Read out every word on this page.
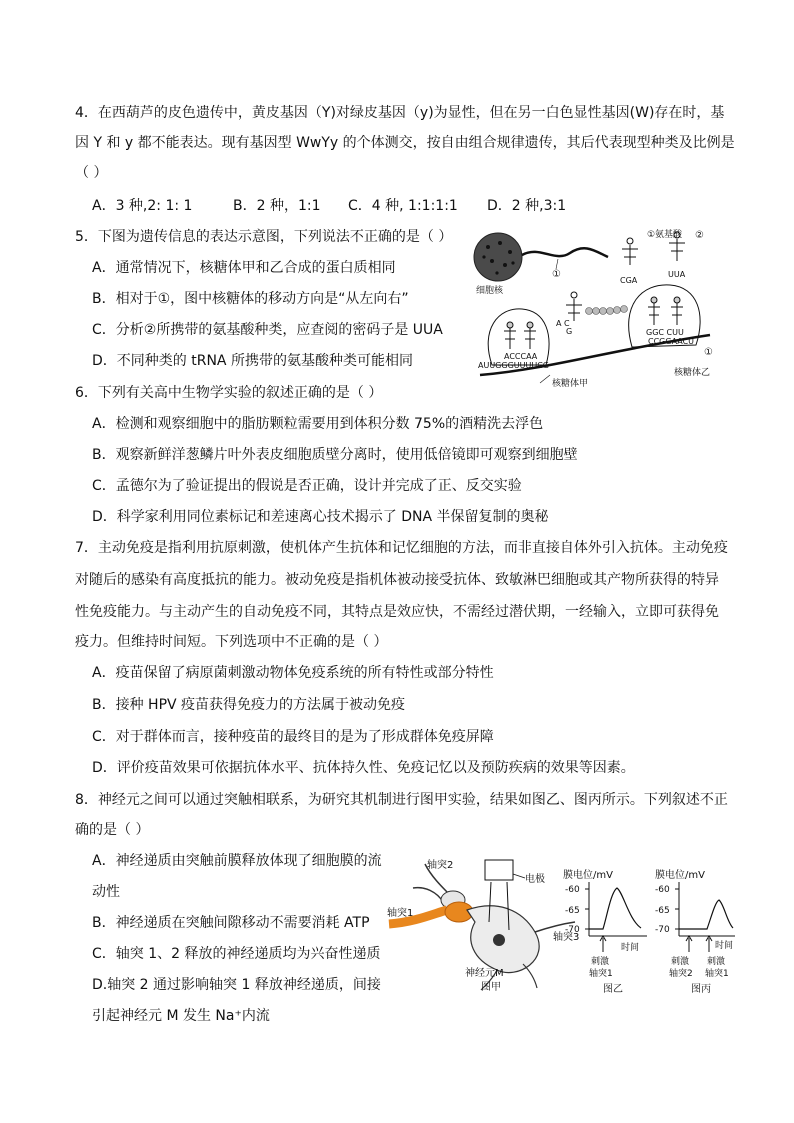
4．在西葫芦的皮色遗传中，黄皮基因（Y)对绿皮基因（y)为显性，但在另一白色显性基因(W)存在时，基
因 Y 和 y 都不能表达。现有基因型 WwYy 的个体测交，按自由组合规律遗传，其后代表现型种类及比例是
（ ）
A．3 种,2: 1: 1	B．2 种，1:1 C．4 种, 1:1:1:1 D．2 种,3:1
5．下图为遗传信息的表达示意图，下列说法不正确的是（ ）
A．通常情况下，核糖体甲和乙合成的蛋白质相同
B．相对于①，图中核糖体的移动方向是“从左向右”
C．分析②所携带的氨基酸种类，应查阅的密码子是 UUA
D．不同种类的 tRNA 所携带的氨基酸种类可能相同
细胞核
①
CGA
UUA
②
氨基酸
①
A C
G
ACCCAA
GGC CUU
AUUGGGUUUUCG
CCGGAACU
①
核糖体甲
核糖体乙
6．下列有关高中生物学实验的叙述正确的是（ ）
A．检测和观察细胞中的脂肪颗粒需要用到体积分数 75%的酒精洗去浮色
B．观察新鲜洋葱鳞片叶外表皮细胞质壁分离时，使用低倍镜即可观察到细胞壁
C．孟德尔为了验证提出的假说是否正确，设计并完成了正、反交实验
D．科学家利用同位素标记和差速离心技术揭示了 DNA 半保留复制的奥秘
7．主动免疫是指利用抗原刺激，使机体产生抗体和记忆细胞的方法，而非直接自体外引入抗体。主动免疫
对随后的感染有高度抵抗的能力。被动免疫是指机体被动接受抗体、致敏淋巴细胞或其产物所获得的特异
性免疫能力。与主动产生的自动免疫不同，其特点是效应快，不需经过潜伏期，一经输入，立即可获得免
疫力。但维持时间短。下列选项中不正确的是（ ）
A．疫苗保留了病原菌刺激动物体免疫系统的所有特性或部分特性
B．接种 HPV 疫苗获得免疫力的方法属于被动免疫
C．对于群体而言，接种疫苗的最终目的是为了形成群体免疫屏障
D．评价疫苗效果可依据抗体水平、抗体持久性、免疫记忆以及预防疾病的效果等因素。
8．神经元之间可以通过突触相联系，为研究其机制进行图甲实验，结果如图乙、图丙所示。下列叙述不正
确的是（ ）
A．神经递质由突触前膜释放体现了细胞膜的流
动性
B．神经递质在突触间隙移动不需要消耗 ATP
C．轴突 1、2 释放的神经递质均为兴奋性递质
D.轴突 2 通过影响轴突 1 释放神经递质，间接
引起神经元 M 发生 Na⁺内流
电极
轴突2
轴突1
轴突3
神经元M
图甲
膜电位/mV
-60
-65
-70
时间
刺激
轴突1
图乙
膜电位/mV
-60
-65
-70
时间
刺激
轴突2
刺激
轴突1
图丙
